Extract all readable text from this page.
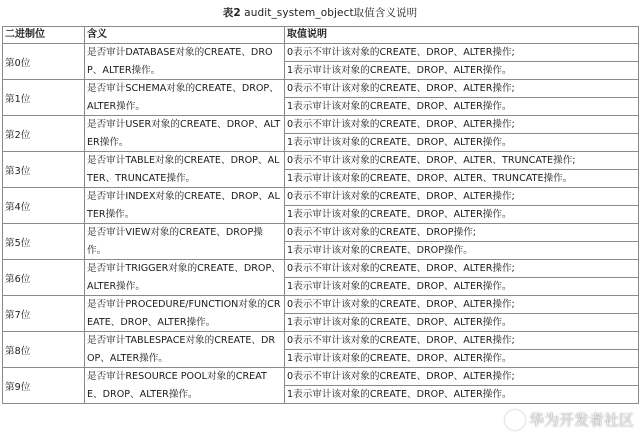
表2 audit_system_object取值含义说明
二进制位	含义	取值说明
第0位	是否审计DATABASE对象的CREATE、DROP、ALTER操作。	0表示不审计该对象的CREATE、DROP、ALTER操作;
		1表示审计该对象的CREATE、DROP、ALTER操作。
第1位	是否审计SCHEMA对象的CREATE、DROP、ALTER操作。	0表示不审计该对象的CREATE、DROP、ALTER操作;
		1表示审计该对象的CREATE、DROP、ALTER操作。
第2位	是否审计USER对象的CREATE、DROP、ALTER操作。	0表示不审计该对象的CREATE、DROP、ALTER操作;
		1表示审计该对象的CREATE、DROP、ALTER操作。
第3位	是否审计TABLE对象的CREATE、DROP、ALTER、TRUNCATE操作。	0表示不审计该对象的CREATE、DROP、ALTER、TRUNCATE操作;
		1表示审计该对象的CREATE、DROP、ALTER、TRUNCATE操作。
第4位	是否审计INDEX对象的CREATE、DROP、ALTER操作。	0表示不审计该对象的CREATE、DROP、ALTER操作;
		1表示审计该对象的CREATE、DROP、ALTER操作。
第5位	是否审计VIEW对象的CREATE、DROP操作。	0表示不审计该对象的CREATE、DROP操作;
		1表示审计该对象的CREATE、DROP操作。
第6位	是否审计TRIGGER对象的CREATE、DROP、ALTER操作。	0表示不审计该对象的CREATE、DROP、ALTER操作;
		1表示审计该对象的CREATE、DROP、ALTER操作。
第7位	是否审计PROCEDURE/FUNCTION对象的CREATE、DROP、ALTER操作。	0表示不审计该对象的CREATE、DROP、ALTER操作;
		1表示审计该对象的CREATE、DROP、ALTER操作。
第8位	是否审计TABLESPACE对象的CREATE、DROP、ALTER操作。	0表示不审计该对象的CREATE、DROP、ALTER操作;
		1表示审计该对象的CREATE、DROP、ALTER操作。
第9位	是否审计RESOURCE POOL对象的CREATE、DROP、ALTER操作。	0表示不审计该对象的CREATE、DROP、ALTER操作;
		1表示审计该对象的CREATE、DROP、ALTER操作。
华为开发者社区
